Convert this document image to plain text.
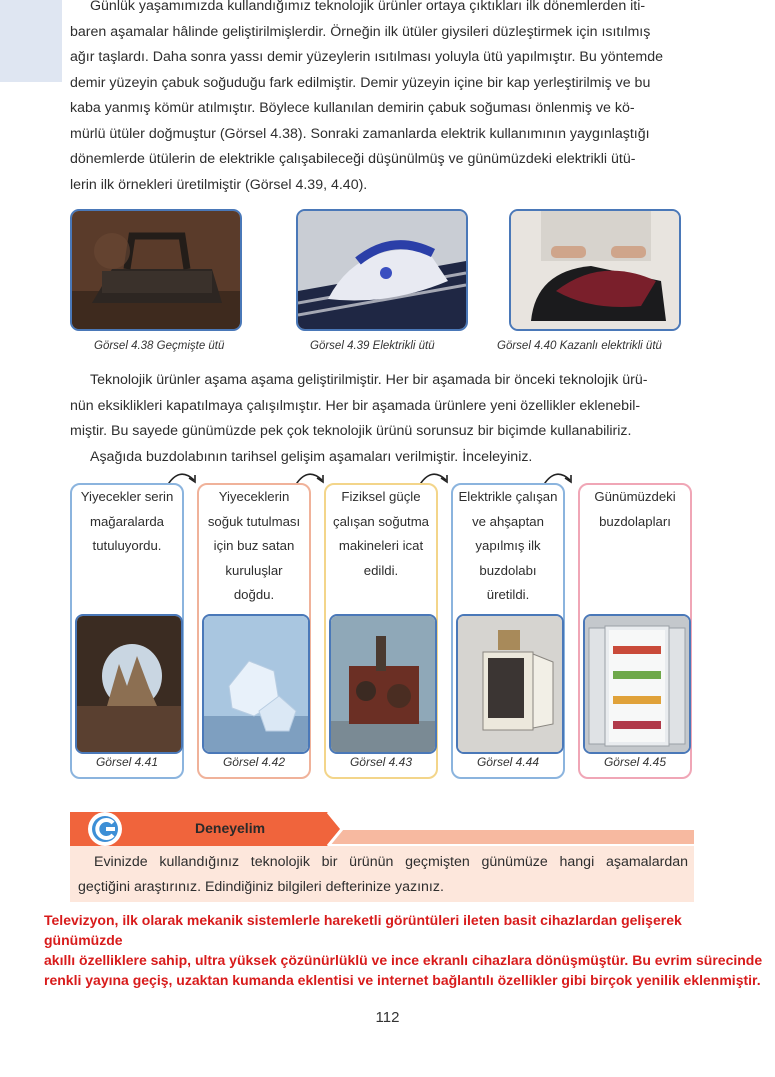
Günlük yaşamımızda kullandığımız teknolojik ürünler ortaya çıktıkları ilk dönemlerden iti-
baren aşamalar hâlinde geliştirilmişlerdir. Örneğin ilk ütüler giysileri düzleştirmek için ısıtılmış
ağır taşlardı. Daha sonra yassı demir yüzeylerin ısıtılması yoluyla ütü yapılmıştır. Bu yöntemde
demir yüzeyin çabuk soğuduğu fark edilmiştir. Demir yüzeyin içine bir kap yerleştirilmiş ve bu
kaba yanmış kömür atılmıştır. Böylece kullanılan demirin çabuk soğuması önlenmiş ve kö-
mürlü ütüler doğmuştur (Görsel 4.38). Sonraki zamanlarda elektrik kullanımının yaygınlaştığı
dönemlerde ütülerin de elektrikle çalışabileceği düşünülmüş ve günümüzdeki elektrikli ütü-
lerin ilk örnekleri üretilmiştir (Görsel 4.39, 4.40).

Görsel 4.38 Geçmişte ütü	Görsel 4.39 Elektrikli ütü	Görsel 4.40 Kazanlı elektrikli ütü

Teknolojik ürünler aşama aşama geliştirilmiştir. Her bir aşamada bir önceki teknolojik ürü-
nün eksiklikleri kapatılmaya çalışılmıştır. Her bir aşamada ürünlere yeni özellikler eklenebil-
miştir. Bu sayede günümüzde pek çok teknolojik ürünü sorunsuz bir biçimde kullanabiliriz.
Aşağıda buzdolabının tarihsel gelişim aşamaları verilmiştir. İnceleyiniz.

Yiyecekler serin
mağaralarda
tutuluyordu.
Görsel 4.41
Yiyeceklerin
soğuk tutulması
için buz satan
kuruluşlar
doğdu.
Görsel 4.42
Fiziksel güçle
çalışan soğutma
makineleri icat
edildi.
Görsel 4.43
Elektrikle çalışan
ve ahşaptan
yapılmış ilk
buzdolabı
üretildi.
Görsel 4.44
Günümüzdeki
buzdolapları
Görsel 4.45
Deneyelim
Evinizde kullandığınız teknolojik bir ürünün geçmişten günümüze hangi aşamalardan
geçtiğini araştırınız. Edindiğiniz bilgileri defterinize yazınız.
Televizyon, ilk olarak mekanik sistemlerle hareketli görüntüleri ileten basit cihazlardan gelişerek günümüzde
akıllı özelliklere sahip, ultra yüksek çözünürlüklü ve ince ekranlı cihazlara dönüşmüştür. Bu evrim sürecinde
renkli yayına geçiş, uzaktan kumanda eklentisi ve internet bağlantılı özellikler gibi birçok yenilik eklenmiştir.
112
